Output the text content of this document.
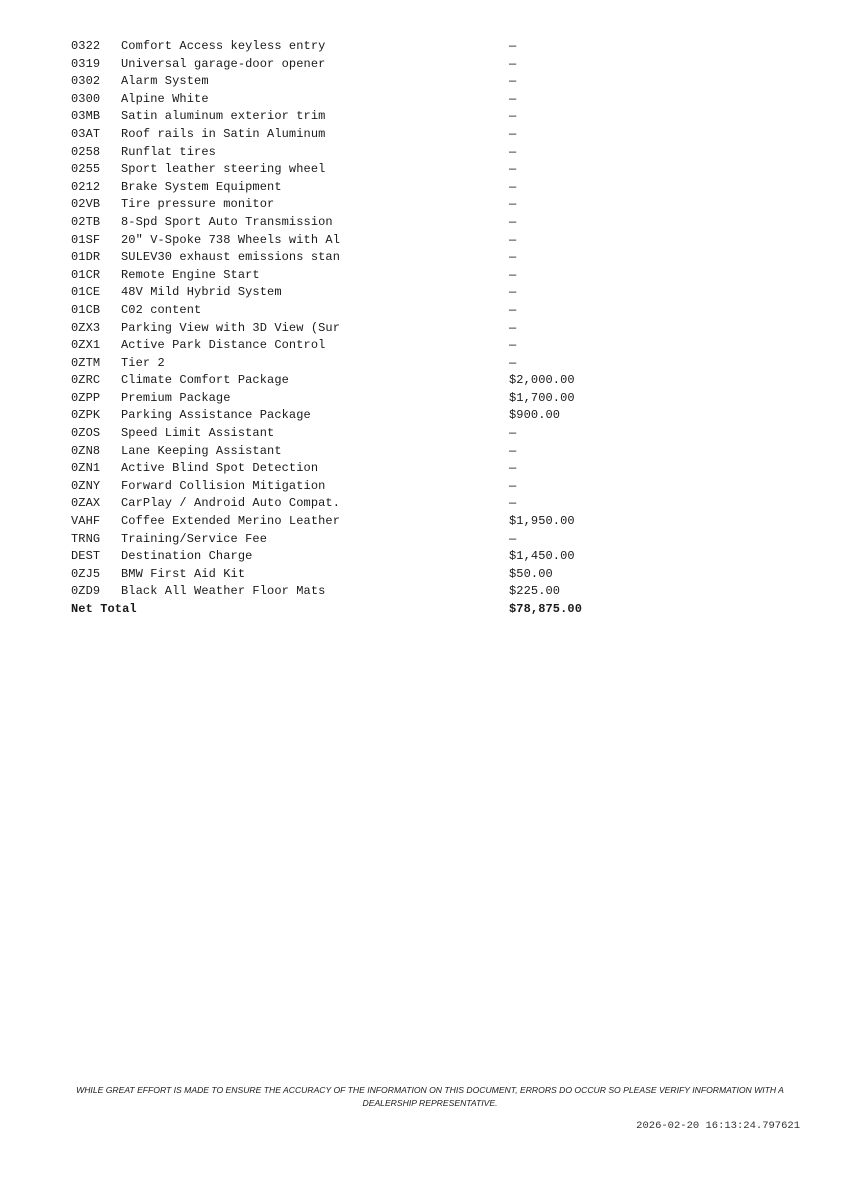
0322	Comfort Access keyless entry	—
0319	Universal garage-door opener	—
0302	Alarm System	—
0300	Alpine White	—
03MB	Satin aluminum exterior trim	—
03AT	Roof rails in Satin Aluminum	—
0258	Runflat tires	—
0255	Sport leather steering wheel	—
0212	Brake System Equipment	—
02VB	Tire pressure monitor	—
02TB	8-Spd Sport Auto Transmission	—
01SF	20" V-Spoke 738 Wheels with Al	—
01DR	SULEV30 exhaust emissions stan	—
01CR	Remote Engine Start	—
01CE	48V Mild Hybrid System	—
01CB	C02 content	—
0ZX3	Parking View with 3D View (Sur	—
0ZX1	Active Park Distance Control	—
0ZTM	Tier 2	—
0ZRC	Climate Comfort Package	$2,000.00
0ZPP	Premium Package	$1,700.00
0ZPK	Parking Assistance Package	$900.00
0ZOS	Speed Limit Assistant	—
0ZN8	Lane Keeping Assistant	—
0ZN1	Active Blind Spot Detection	—
0ZNY	Forward Collision Mitigation	—
0ZAX	CarPlay / Android Auto Compat.	—
VAHF	Coffee Extended Merino Leather	$1,950.00
TRNG	Training/Service Fee	—
DEST	Destination Charge	$1,450.00
0ZJ5	BMW First Aid Kit	$50.00
0ZD9	Black All Weather Floor Mats	$225.00
Net Total		$78,875.00
WHILE GREAT EFFORT IS MADE TO ENSURE THE ACCURACY OF THE INFORMATION ON THIS DOCUMENT, ERRORS DO OCCUR SO PLEASE VERIFY INFORMATION WITH A DEALERSHIP REPRESENTATIVE.
2026-02-20 16:13:24.797621
